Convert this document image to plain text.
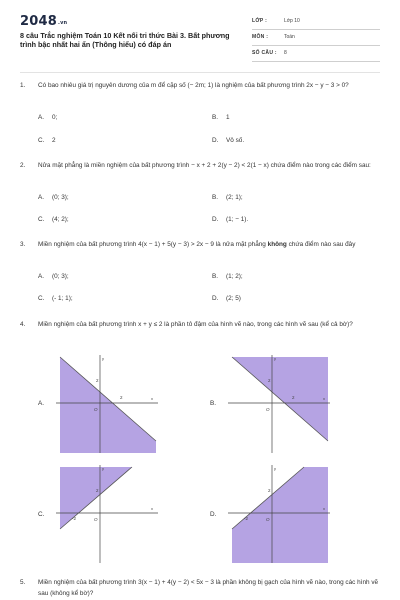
2048.vn
8 câu Trắc nghiệm Toán 10 Kết nối tri thức Bài 3. Bất phương trình bậc nhất hai ẩn (Thông hiểu) có đáp án
LỚP :	Lớp 10
MÔN :	Toán
SỐ CÂU : 8
1. Có bao nhiêu giá trị nguyên dương của m để cặp số (− 2m; 1) là nghiệm của bất phương trình 2x − y − 3 > 0?
A. 0;	B. 1
C. 2	D. Vô số.
2. Nửa mặt phẳng là miền nghiệm của bất phương trình − x + 2 + 2(y − 2) < 2(1 − x) chứa điểm nào trong các điểm sau:
A. (0; 3);	B. (2; 1);
C. (4; 2);	D. (1; − 1).
3. Miền nghiệm của bất phương trình 4(x − 1) + 5(y − 3) > 2x − 9 là nửa mặt phẳng không chứa điểm nào sau đây
A. (0; 3);	B. (1; 2);
C. (- 1; 1);	D. (2; 5)
4. Miền nghiệm của bất phương trình x + y ≤ 2 là phần tô đậm của hình vẽ nào, trong các hình vẽ sau (kể cả bờ)?
A.
x
y
O
2
2
B.
x
y
O
2
2
C.
x
y
O
2
-2
D.
x
y
O
2
-2
5. Miền nghiệm của bất phương trình 3(x − 1) + 4(y − 2) < 5x − 3 là phần không bị gạch của hình vẽ nào, trong các hình vẽ sau (không kể bờ)?
